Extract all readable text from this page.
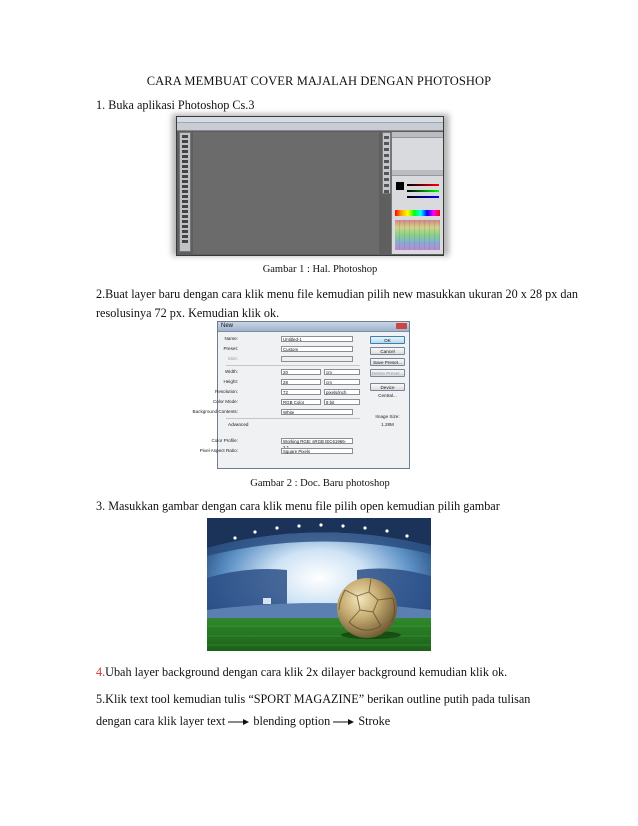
CARA MEMBUAT COVER MAJALAH DENGAN PHOTOSHOP
1. Buka aplikasi Photoshop Cs.3
Gambar 1 : Hal. Photoshop
2.Buat layer baru dengan cara klik menu file kemudian pilih new masukkan ukuran 20 x 28 px dan
resolusinya 72 px. Kemudian klik ok.
New
Name:	Untitled-1
Preset:	Custom
Size:
Width:	20	cm
Height:	28	cm
Resolution:	72	pixels/inch
Color Mode:	RGB Color	8 bit
Background Contents:	White
Advanced
Color Profile:	Working RGB: sRGB IEC61966-
Pixel Aspect Ratio:	Square Pixels
OK
Cancel
Save Preset...
Delete Preset...
Device Central...
Image Size:
1.28M
Gambar 2 : Doc. Baru photoshop
3. Masukkan gambar dengan cara klik menu file pilih open kemudian pilih gambar
4.Ubah layer background dengan cara klik 2x dilayer background kemudian klik ok.
5.Klik text tool kemudian tulis “SPORT MAGAZINE” berikan outline putih pada tulisan
dengan cara klik layer text blending option Stroke
